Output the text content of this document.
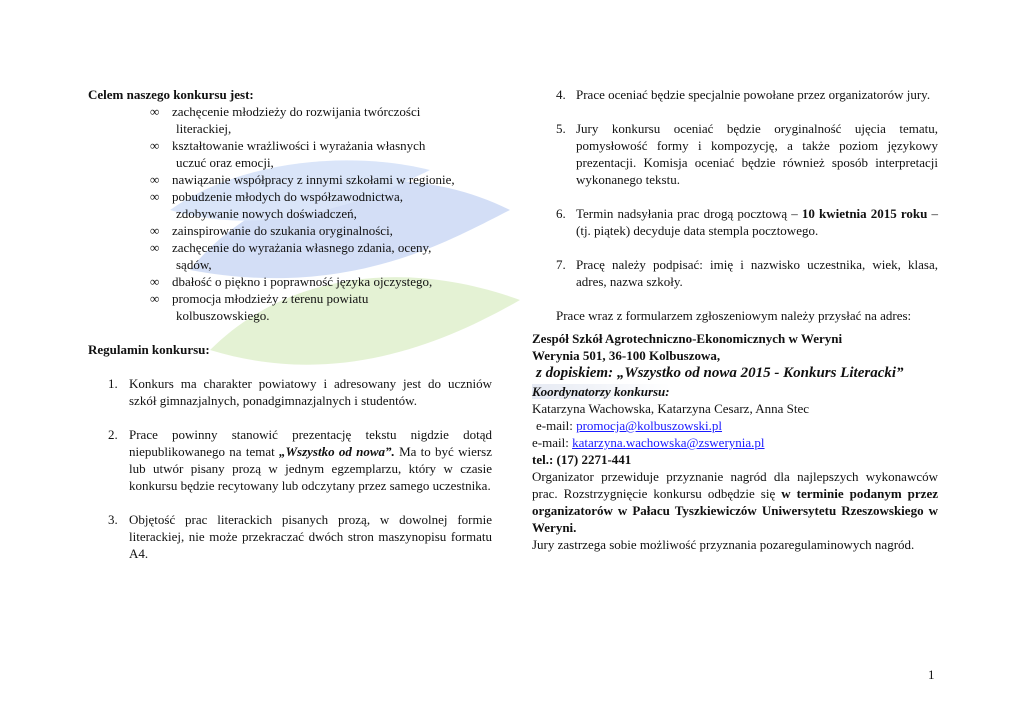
Celem naszego konkursu jest:
∞ zachęcenie młodzieży do rozwijania twórczości
literackiej,
∞ kształtowanie wrażliwości i wyrażania własnych
uczuć oraz emocji,
∞ nawiązanie współpracy z innymi szkołami w regionie,
∞ pobudzenie młodych do współzawodnictwa,
zdobywanie nowych doświadczeń,
∞ zainspirowanie do szukania oryginalności,
∞ zachęcenie do wyrażania własnego zdania, oceny,
sądów,
∞ dbałość o piękno i poprawność języka ojczystego,
∞ promocja młodzieży z terenu powiatu
kolbuszowskiego.
Regulamin konkursu:
1. Konkurs ma charakter powiatowy i adresowany jest do uczniów szkół gimnazjalnych, ponadgimnazjalnych i studentów.
2. Prace powinny stanowić prezentację tekstu nigdzie dotąd niepublikowanego na temat „Wszystko od nowa”. Ma to być wiersz lub utwór pisany prozą w jednym egzemplarzu, który w czasie konkursu będzie recytowany lub odczytany przez samego uczestnika.
3. Objętość prac literackich pisanych prozą, w dowolnej formie literackiej, nie może przekraczać dwóch stron maszynopisu formatu A4.
4. Prace oceniać będzie specjalnie powołane przez organizatorów jury.
5. Jury konkursu oceniać będzie oryginalność ujęcia tematu, pomysłowość formy i kompozycję, a także poziom językowy prezentacji. Komisja oceniać będzie również sposób interpretacji wykonanego tekstu.
6. Termin nadsyłania prac drogą pocztową – 10 kwietnia 2015 roku – (tj. piątek) decyduje data stempla pocztowego.
7. Pracę należy podpisać: imię i nazwisko uczestnika, wiek, klasa, adres, nazwa szkoły.
Prace wraz z formularzem zgłoszeniowym należy przysłać na adres:
Zespół Szkół Agrotechniczno-Ekonomicznych w Weryni
Werynia 501, 36-100 Kolbuszowa,
z dopiskiem: „Wszystko od nowa 2015 - Konkurs Literacki”
Koordynatorzy konkursu:
Katarzyna Wachowska, Katarzyna Cesarz, Anna Stec
e-mail: promocja@kolbuszowski.pl
e-mail: katarzyna.wachowska@zswerynia.pl
tel.: (17) 2271-441
Organizator przewiduje przyznanie nagród dla najlepszych wykonawców prac. Rozstrzygnięcie konkursu odbędzie się w terminie podanym przez organizatorów w Pałacu Tyszkiewiczów Uniwersytetu Rzeszowskiego w Weryni.
Jury zastrzega sobie możliwość przyznania pozaregulaminowych nagród.
1
